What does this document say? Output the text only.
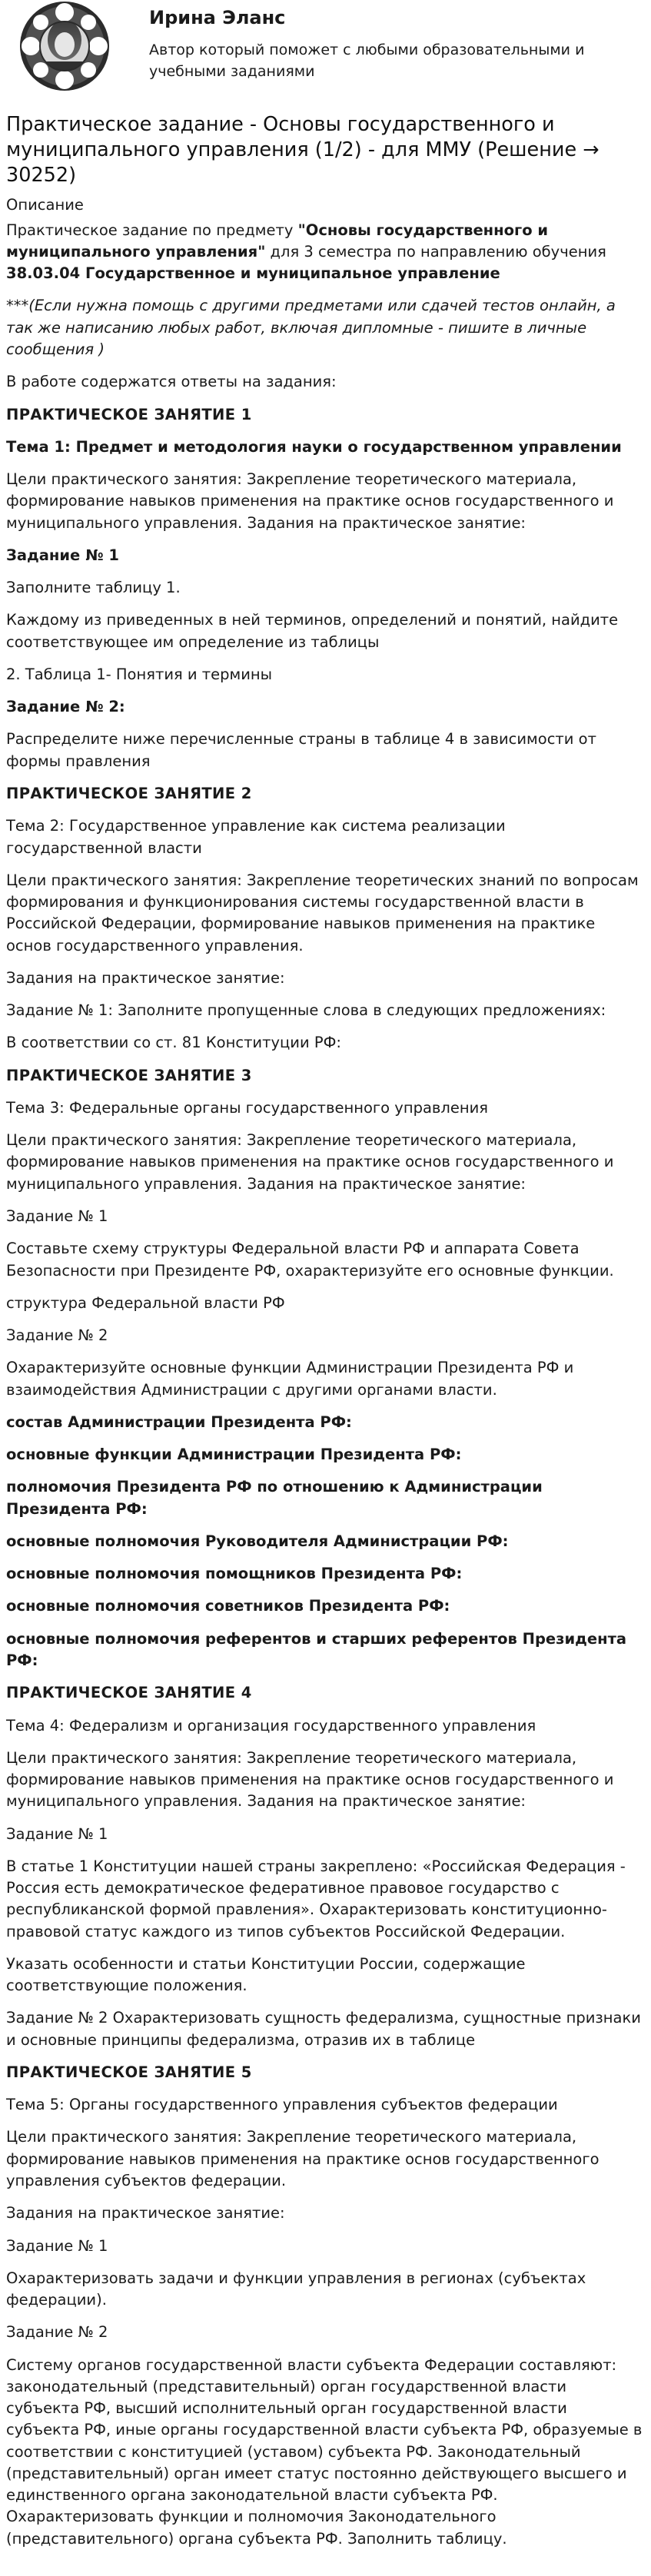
Ирина Эланс
Автор который поможет с любыми образовательными и учебными заданиями
Практическое задание - Основы государственного и муниципального управления (1/2) - для ММУ (Решение → 30252)
Описание

Практическое задание по предмету "Основы государственного и муниципального управления" для 3 семестра по направлению обучения 38.03.04 Государственное и муниципальное управление

***(Если нужна помощь с другими предметами или сдачей тестов онлайн, а так же написанию любых работ, включая дипломные - пишите в личные сообщения )

В работе содержатся ответы на задания:

ПРАКТИЧЕСКОЕ ЗАНЯТИЕ 1

Тема 1: Предмет и методология науки о государственном управлении

Цели практического занятия: Закрепление теоретического материала, формирование навыков применения на практике основ государственного и муниципального управления. Задания на практическое занятие:

Задание № 1

Заполните таблицу 1.

Каждому из приведенных в ней терминов, определений и понятий, найдите соответствующее им определение из таблицы

2. Таблица 1- Понятия и термины

Задание № 2:

Распределите ниже перечисленные страны в таблице 4 в зависимости от формы правления

ПРАКТИЧЕСКОЕ ЗАНЯТИЕ 2

Тема 2: Государственное управление как система реализации государственной власти

Цели практического занятия: Закрепление теоретических знаний по вопросам формирования и функционирования системы государственной власти в Российской Федерации, формирование навыков применения на практике основ государственного управления.

Задания на практическое занятие:

Задание № 1: Заполните пропущенные слова в следующих предложениях:

В соответствии со ст. 81 Конституции РФ:

ПРАКТИЧЕСКОЕ ЗАНЯТИЕ 3

Тема 3: Федеральные органы государственного управления

Цели практического занятия: Закрепление теоретического материала, формирование навыков применения на практике основ государственного и муниципального управления. Задания на практическое занятие:

Задание № 1

Составьте схему структуры Федеральной власти РФ и аппарата Совета Безопасности при Президенте РФ, охарактеризуйте его основные функции.

структура Федеральной власти РФ

Задание № 2

Охарактеризуйте основные функции Администрации Президента РФ и взаимодействия Администрации с другими органами власти.

состав Администрации Президента РФ:

основные функции Администрации Президента РФ:

полномочия Президента РФ по отношению к Администрации Президента РФ:

основные полномочия Руководителя Администрации РФ:

основные полномочия помощников Президента РФ:

основные полномочия советников Президента РФ:

основные полномочия референтов и старших референтов Президента РФ:

ПРАКТИЧЕСКОЕ ЗАНЯТИЕ 4

Тема 4: Федерализм и организация государственного управления

Цели практического занятия: Закрепление теоретического материала, формирование навыков применения на практике основ государственного и муниципального управления. Задания на практическое занятие:

Задание № 1

В статье 1 Конституции нашей страны закреплено: «Российская Федерация - Россия есть демократическое федеративное правовое государство с республиканской формой правления». Охарактеризовать конституционно-правовой статус каждого из типов субъектов Российской Федерации.

Указать особенности и статьи Конституции России, содержащие соответствующие положения.

Задание № 2 Охарактеризовать сущность федерализма, сущностные признаки и основные принципы федерализма, отразив их в таблице

ПРАКТИЧЕСКОЕ ЗАНЯТИЕ 5

Тема 5: Органы государственного управления субъектов федерации

Цели практического занятия: Закрепление теоретического материала, формирование навыков применения на практике основ государственного управления субъектов федерации.

Задания на практическое занятие:

Задание № 1

Охарактеризовать задачи и функции управления в регионах (субъектах федерации).

Задание № 2

Систему органов государственной власти субъекта Федерации составляют: законодательный (представительный) орган государственной власти субъекта РФ, высший исполнительный орган государственной власти субъекта РФ, иные органы государственной власти субъекта РФ, образуемые в соответствии с конституцией (уставом) субъекта РФ. Законодательный (представительный) орган имеет статус постоянно действующего высшего и единственного органа законодательной власти субъекта РФ. Охарактеризовать функции и полномочия Законодательного (представительного) органа субъекта РФ. Заполнить таблицу.
